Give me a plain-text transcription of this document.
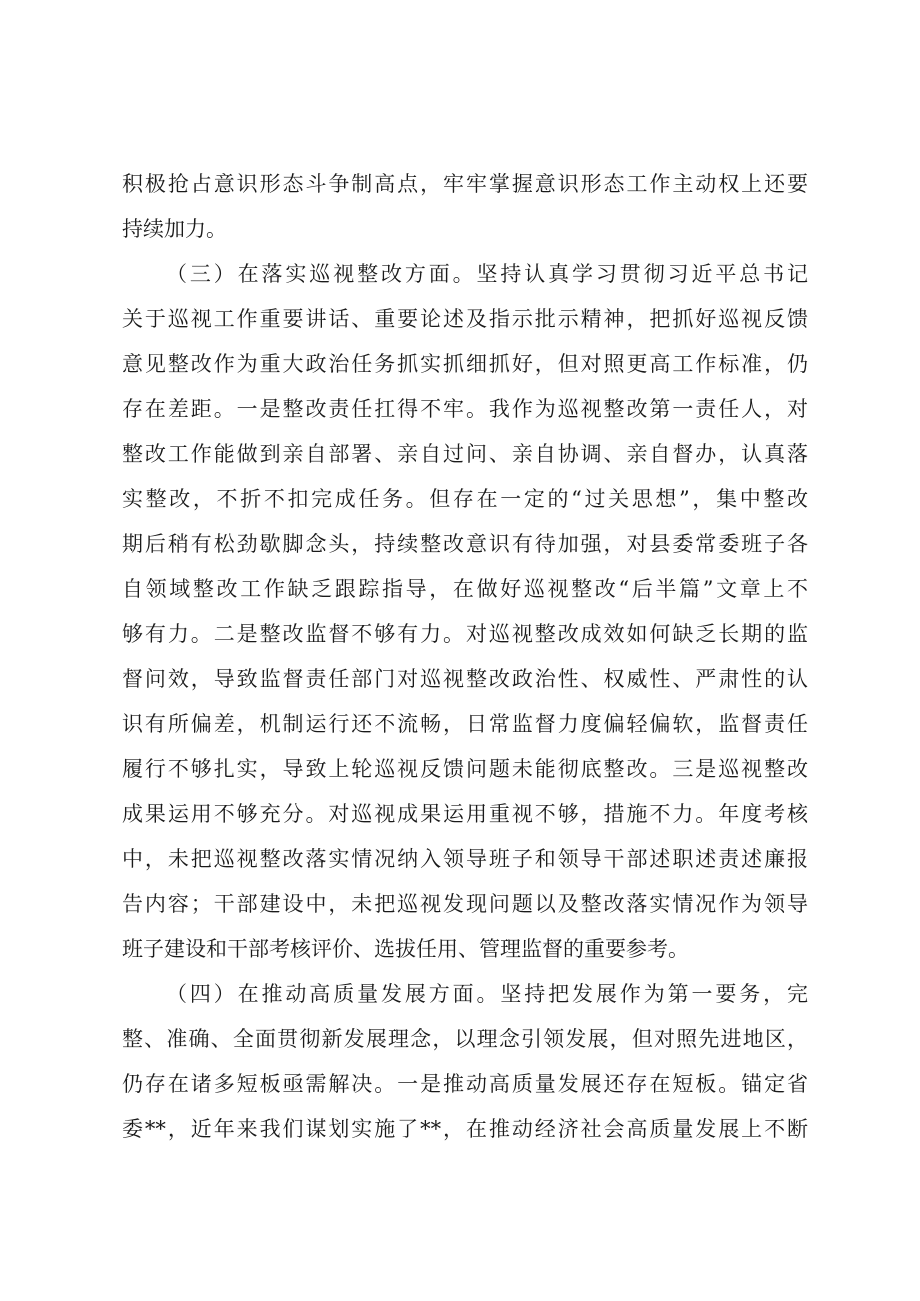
积极抢占意识形态斗争制高点，牢牢掌握意识形态工作主动权上还要
持续加力。
（三）在落实巡视整改方面。坚持认真学习贯彻习近平总书记
关于巡视工作重要讲话、重要论述及指示批示精神，把抓好巡视反馈
意见整改作为重大政治任务抓实抓细抓好，但对照更高工作标准，仍
存在差距。一是整改责任扛得不牢。我作为巡视整改第一责任人，对
整改工作能做到亲自部署、亲自过问、亲自协调、亲自督办，认真落
实整改，不折不扣完成任务。但存在一定的“过关思想”，集中整改
期后稍有松劲歇脚念头，持续整改意识有待加强，对县委常委班子各
自领域整改工作缺乏跟踪指导，在做好巡视整改“后半篇”文章上不
够有力。二是整改监督不够有力。对巡视整改成效如何缺乏长期的监
督问效，导致监督责任部门对巡视整改政治性、权威性、严肃性的认
识有所偏差，机制运行还不流畅，日常监督力度偏轻偏软，监督责任
履行不够扎实，导致上轮巡视反馈问题未能彻底整改。三是巡视整改
成果运用不够充分。对巡视成果运用重视不够，措施不力。年度考核
中，未把巡视整改落实情况纳入领导班子和领导干部述职述责述廉报
告内容；干部建设中，未把巡视发现问题以及整改落实情况作为领导
班子建设和干部考核评价、选拔任用、管理监督的重要参考。
（四）在推动高质量发展方面。坚持把发展作为第一要务，完
整、准确、全面贯彻新发展理念，以理念引领发展，但对照先进地区，
仍存在诸多短板亟需解决。一是推动高质量发展还存在短板。锚定省
委**，近年来我们谋划实施了**，在推动经济社会高质量发展上不断
